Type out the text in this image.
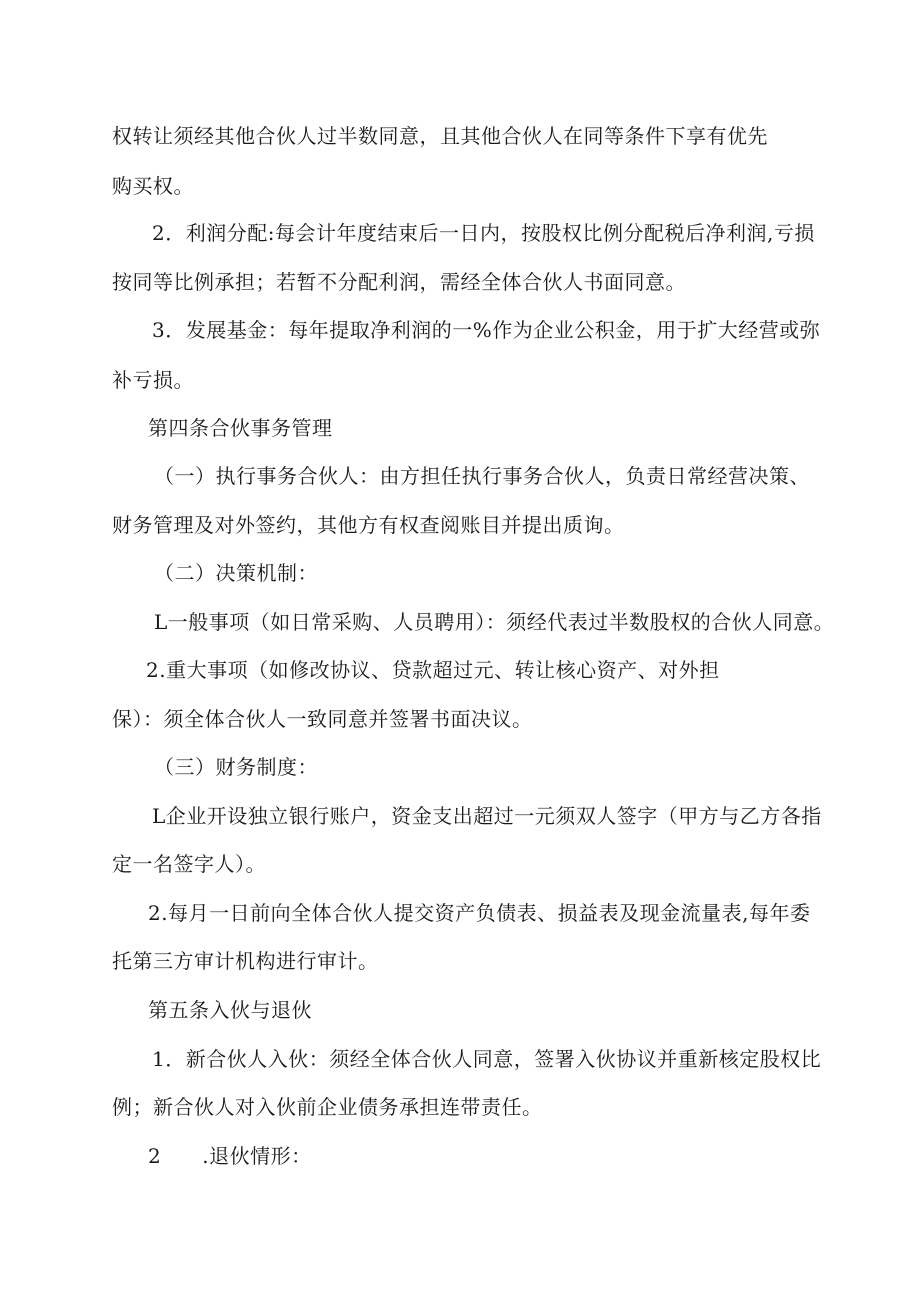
权转让须经其他合伙人过半数同意，且其他合伙人在同等条件下享有优先
购买权。
2．利润分配:每会计年度结束后一日内，按股权比例分配税后净利润,亏损
按同等比例承担；若暂不分配利润，需经全体合伙人书面同意。
3．发展基金：每年提取净利润的一%作为企业公积金，用于扩大经营或弥
补亏损。
第四条合伙事务管理
（一）执行事务合伙人：由方担任执行事务合伙人，负责日常经营决策、
财务管理及对外签约，其他方有权查阅账目并提出质询。
（二）决策机制：
L一般事项（如日常采购、人员聘用）：须经代表过半数股权的合伙人同意。
2.重大事项（如修改协议、贷款超过元、转让核心资产、对外担
保）：须全体合伙人一致同意并签署书面决议。
（三）财务制度：
L企业开设独立银行账户，资金支出超过一元须双人签字（甲方与乙方各指
定一名签字人）。
2.每月一日前向全体合伙人提交资产负债表、损益表及现金流量表,每年委
托第三方审计机构进行审计。
第五条入伙与退伙
1．新合伙人入伙：须经全体合伙人同意，签署入伙协议并重新核定股权比
例；新合伙人对入伙前企业债务承担连带责任。
2　　.退伙情形：
